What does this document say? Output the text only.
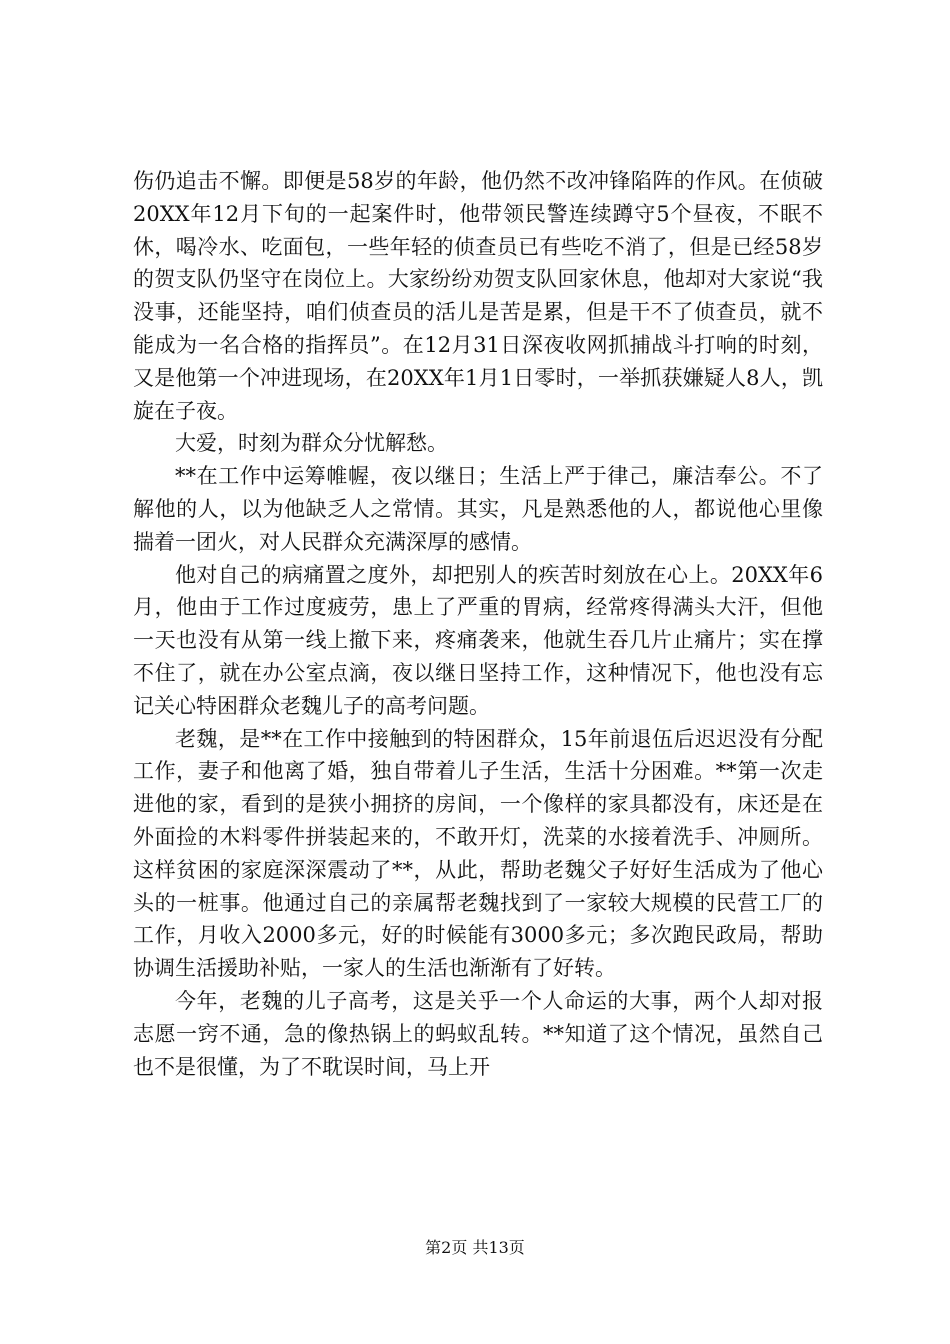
伤仍追击不懈。即便是58岁的年龄，他仍然不改冲锋陷阵的作风。在侦破20XX年12月下旬的一起案件时，他带领民警连续蹲守5个昼夜，不眠不休，喝冷水、吃面包，一些年轻的侦查员已有些吃不消了，但是已经58岁的贺支队仍坚守在岗位上。大家纷纷劝贺支队回家休息，他却对大家说“我没事，还能坚持，咱们侦查员的活儿是苦是累，但是干不了侦查员，就不能成为一名合格的指挥员”。在12月31日深夜收网抓捕战斗打响的时刻，又是他第一个冲进现场，在20XX年1月1日零时，一举抓获嫌疑人8人，凯旋在子夜。

大爱，时刻为群众分忧解愁。

**在工作中运筹帷幄，夜以继日；生活上严于律己，廉洁奉公。不了解他的人，以为他缺乏人之常情。其实，凡是熟悉他的人，都说他心里像揣着一团火，对人民群众充满深厚的感情。

他对自己的病痛置之度外，却把别人的疾苦时刻放在心上。20XX年6月，他由于工作过度疲劳，患上了严重的胃病，经常疼得满头大汗，但他一天也没有从第一线上撤下来，疼痛袭来，他就生吞几片止痛片；实在撑不住了，就在办公室点滴，夜以继日坚持工作，这种情况下，他也没有忘记关心特困群众老魏儿子的高考问题。

老魏，是**在工作中接触到的特困群众，15年前退伍后迟迟没有分配工作，妻子和他离了婚，独自带着儿子生活，生活十分困难。**第一次走进他的家，看到的是狭小拥挤的房间，一个像样的家具都没有，床还是在外面捡的木料零件拼装起来的，不敢开灯，洗菜的水接着洗手、冲厕所。这样贫困的家庭深深震动了**，从此，帮助老魏父子好好生活成为了他心头的一桩事。他通过自己的亲属帮老魏找到了一家较大规模的民营工厂的工作，月收入2000多元，好的时候能有3000多元；多次跑民政局，帮助协调生活援助补贴，一家人的生活也渐渐有了好转。

今年，老魏的儿子高考，这是关乎一个人命运的大事，两个人却对报志愿一窍不通，急的像热锅上的蚂蚁乱转。**知道了这个情况，虽然自己也不是很懂，为了不耽误时间，马上开

第2页 共13页
